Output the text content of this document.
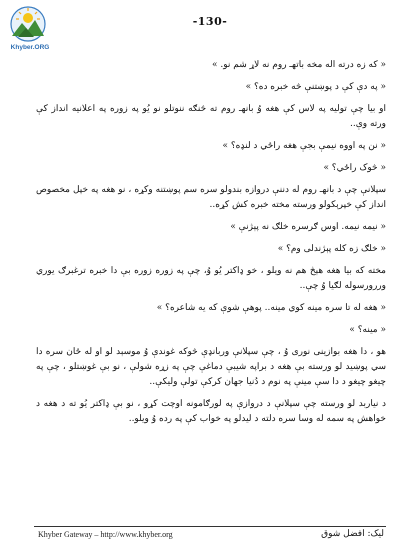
Khyber.ORG
-130-

« که زه درته اله مخه باتهـ روم نه لاړ شم نو. »

« په دې کې د پوښتنې څه خبره ده؟ »

او بیا چې تولیه په لاس کې هغه وُ بانهـ روم ته څنګه ننوتلو نو یُو په زوره په اعلانیه انداز کې ورته وې..

« نن په اووه نیمې بجې هغه راځي د لنډه؟ »

« څوک راځي؟ »

سپلانې چې د بانهـ روم له دننې دروازه بندولو سره سم پوښتنه وکړه ، نو هغه په خپل مخصوص انداز کې خپرېکولو ورسته مخته خبره کش کړه..

« نیمه نیمه. اوس ګرسره خلګ نه پېژنې »

« خلګ زه کله پېژندلی وم؟ »

مخته که بیا هغه هېڅ هم نه ویلو ، خو ډاکتر یُو وُ، چې په زوره زوره بې دا خبره ترغبرګ یوري وررورسوله لګیا وُ چې..

« هغه له تا سره مینه کوي مینه.. پوهې شوې که یه شاعره؟ »

« مینه؟ »

هو ، دا هغه بوازینی نوری وُ ، چې سپلانې وربانډې څوکه غوندې وُ موسېد لو او له ځان سره دا سي پوښید لو ورسته بې هغه د براپه شیبې دماغې چې په زړه شولې ، نو بې غوښتلو ، چې په چیغو چیغو د دا سې مینې په نوم د دُنیا جهان کرکې تولې ولیکې..

د نیاربد لو ورسته چې سپلانې د دروازې په لورګامونه اوچت کړو ، نو بې ډاکتر یُو ته د هغه د خواهش په سمه له وسا سره دلته د لیدلو په خواب کې په رده وُ ویلو..

Khyber Gateway – http://www.khyber.org	لیک: افضل شوق
